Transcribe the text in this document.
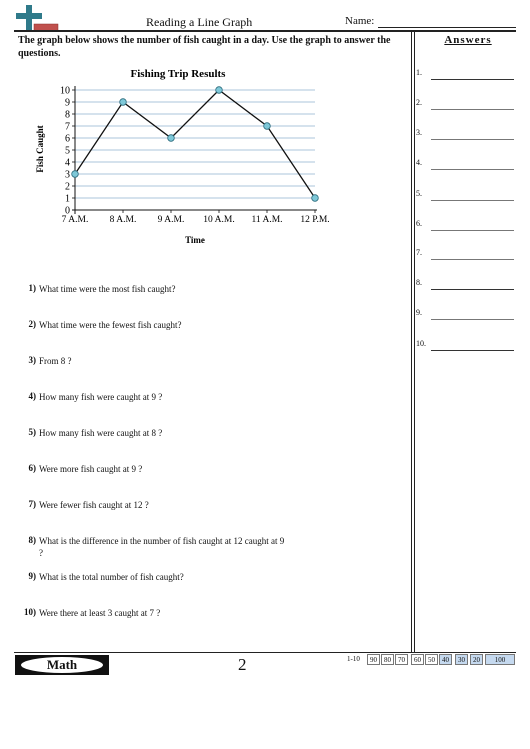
Reading a Line Graph	Name:
The graph below shows the number of fish caught in a day. Use the graph to answer the questions.
Answers
1.
2.
3.
4.
5.
6.
7.
8.
9.
10.
Fishing Trip Results
Fish Caught
Time
0
1
2
3
4
5
6
7
8
9
10
7 A.M. 8 A.M. 9 A.M. 10 A.M. 11 A.M. 12 P.M.
1) What time were the most fish caught?
2) What time were the fewest fish caught?
3) From 8 ?
4) How many fish were caught at 9 ?
5) How many fish were caught at 8 ?
6) Were more fish caught at 9 ?
7) Were fewer fish caught at 12 ?
8) What is the difference in the number of fish caught at 12 caught at 9 ?
9) What is the total number of fish caught?
10) Were there at least 3 caught at 7 ?
Math	2	1-10	90	80	70	60	50	40	30	20	100
